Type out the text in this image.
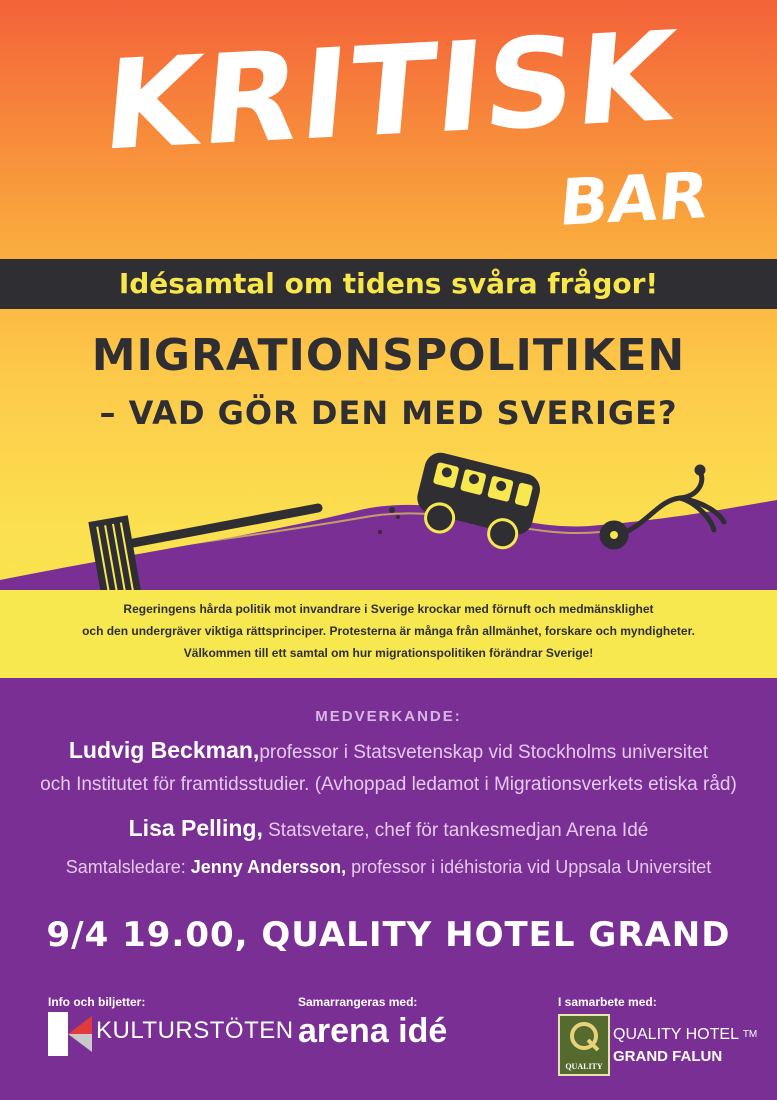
KRITISK
BAR
Idésamtal om tidens svåra frågor!
MIGRATIONSPOLITIKEN
– VAD GÖR DEN MED SVERIGE?
Regeringens hårda politik mot invandrare i Sverige krockar med förnuft och medmänsklighet
och den undergräver viktiga rättsprinciper. Protesterna är många från allmänhet, forskare och myndigheter.
Välkommen till ett samtal om hur migrationspolitiken förändrar Sverige!
MEDVERKANDE:
Ludvig Beckman,professor i Statsvetenskap vid Stockholms universitet
och Institutet för framtidsstudier. (Avhoppad ledamot i Migrationsverkets etiska råd)
Lisa Pelling, Statsvetare, chef för tankesmedjan Arena Idé
Samtalsledare: Jenny Andersson, professor i idéhistoria vid Uppsala Universitet
9/4 19.00, QUALITY HOTEL GRAND
Info och biljetter:
KULTURSTÖTEN
Samarrangeras med:
arena idé
I samarbete med:
QUALITY
QUALITY HOTEL ™
GRAND FALUN
